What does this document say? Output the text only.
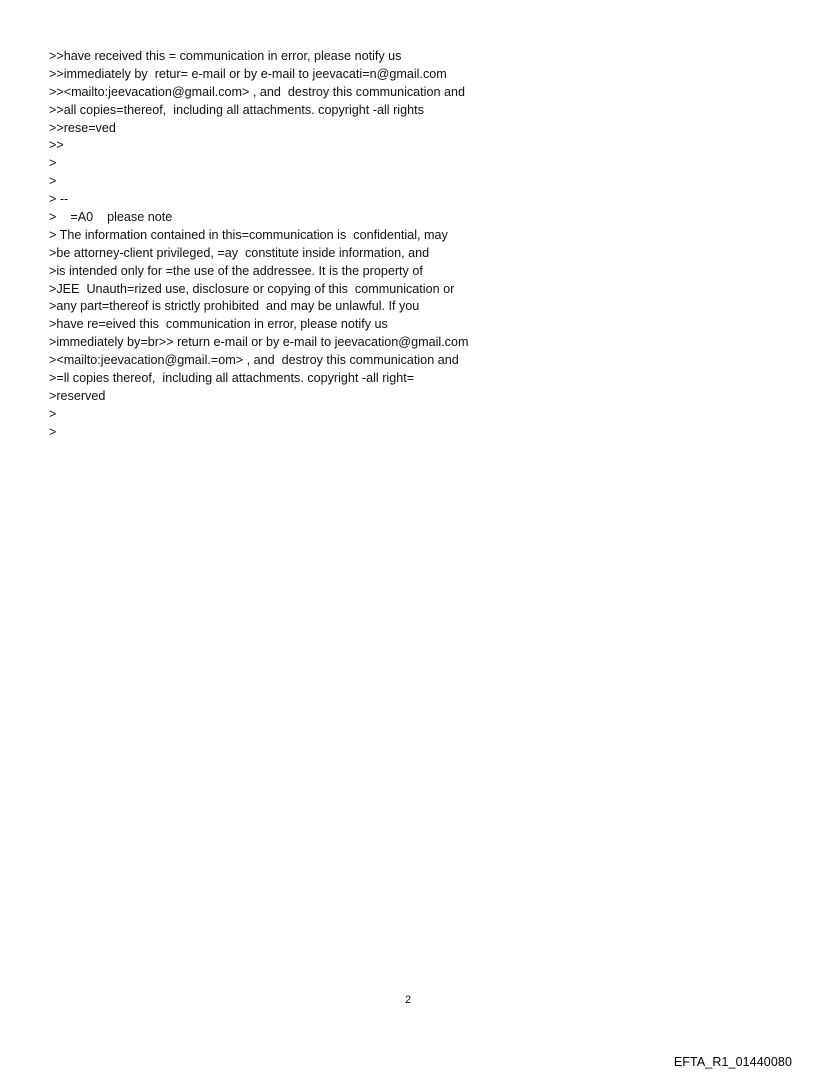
>>have received this = communication in error, please notify us
>>immediately by  retur= e-mail or by e-mail to jeevacati=n@gmail.com
>><mailto:jeevacation@gmail.com> , and  destroy this communication and
>>all copies=thereof,  including all attachments. copyright -all rights
>>rese=ved
>>
>
>
> --
>    =A0    please note
> The information contained in this=communication is  confidential, may
>be attorney-client privileged, =ay  constitute inside information, and
>is intended only for =the use of the addressee. It is the property of
>JEE  Unauth=rized use, disclosure or copying of this  communication or
>any part=thereof is strictly prohibited  and may be unlawful. If you
>have re=eived this  communication in error, please notify us
>immediately by=br>> return e-mail or by e-mail to jeevacation@gmail.com
><mailto:jeevacation@gmail.=om> , and  destroy this communication and
>=ll copies thereof,  including all attachments. copyright -all right=
>reserved
>
>
2
EFTA_R1_01440080
